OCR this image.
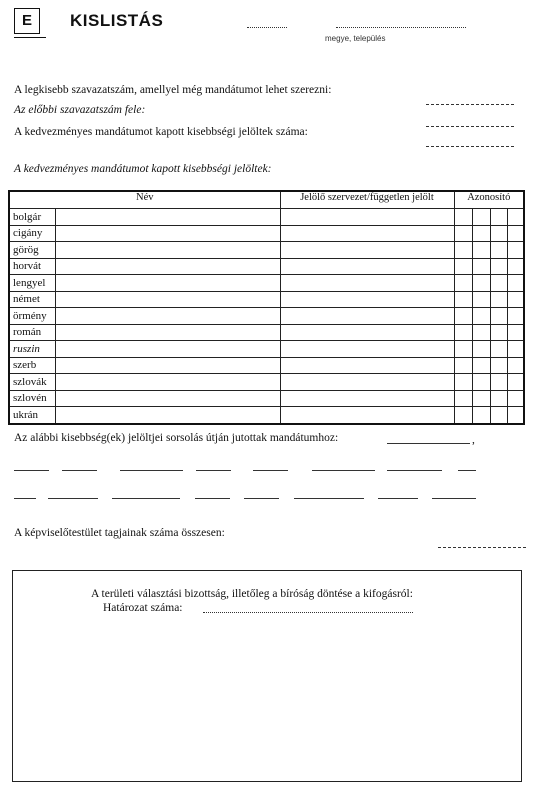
E	KISLISTÁS
megye, település
A legkisebb szavazatszám, amellyel még mandátumot lehet szerezni:
Az előbbi szavazatszám fele:
A kedvezményes mandátumot kapott kisebbségi jelöltek száma:
A kedvezményes mandátumot kapott kisebbségi jelöltek:
Név		Jelölő szervezet/független jelölt	Azonosító			
bolgár						
cigány						
görög						
horvát						
lengyel						
német						
örmény						
román						
ruszin						
szerb						
szlovák						
szlovén						
ukrán						
Az alábbi kisebbség(ek) jelöltjei sorsolás útján jutottak mandátumhoz:	,
A képviselőtestület tagjainak száma összesen:
A területi választási bizottság, illetőleg a bíróság döntése a kifogásról:
Határozat száma:
